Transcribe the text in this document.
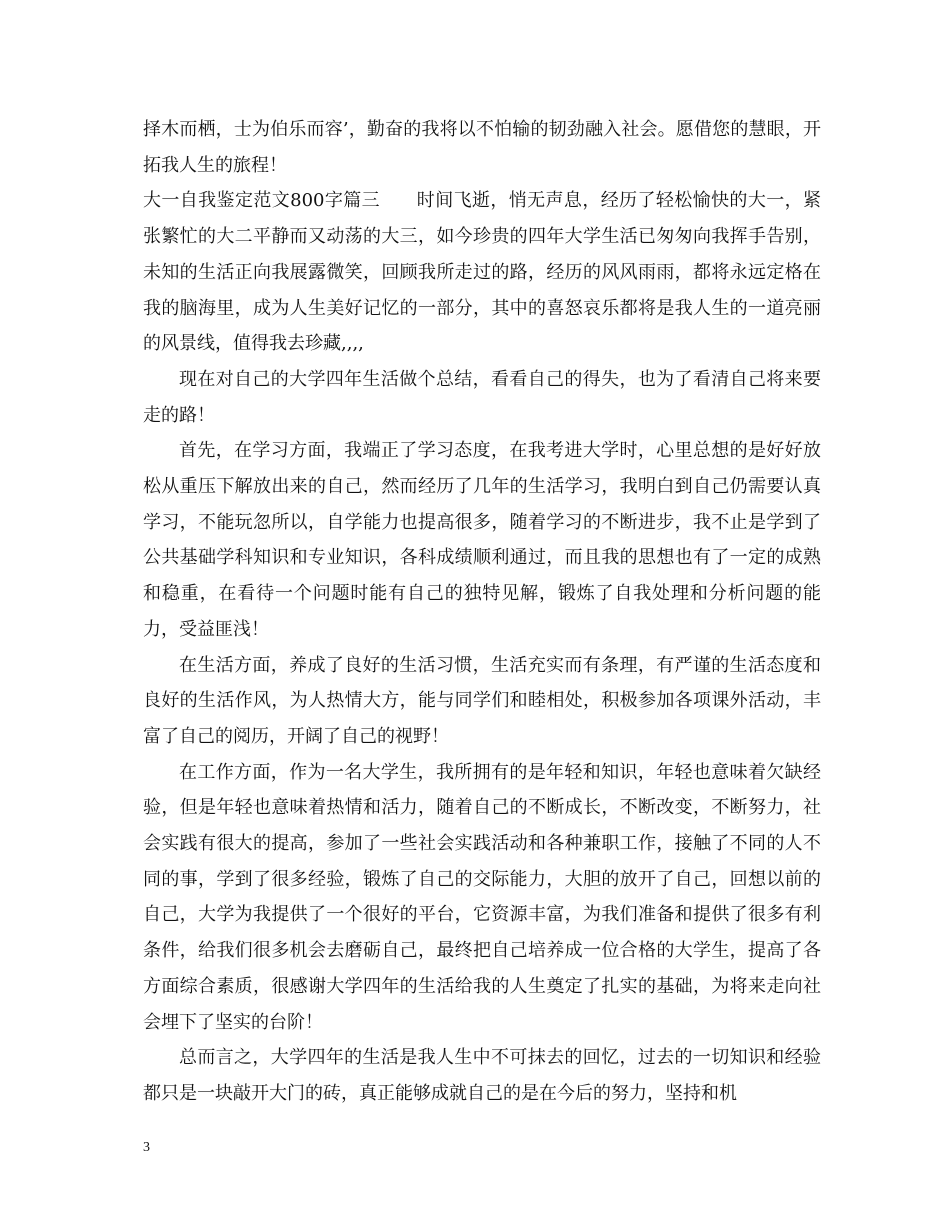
择木而栖，士为伯乐而容’，勤奋的我将以不怕输的韧劲融入社会。愿借您的慧眼，开拓我人生的旅程！

大一自我鉴定范文800字篇三　　时间飞逝，悄无声息，经历了轻松愉快的大一，紧张繁忙的大二平静而又动荡的大三，如今珍贵的四年大学生活已匆匆向我挥手告别，未知的生活正向我展露微笑，回顾我所走过的路，经历的风风雨雨，都将永远定格在我的脑海里，成为人生美好记忆的一部分，其中的喜怒哀乐都将是我人生的一道亮丽的风景线，值得我去珍藏,,,,

现在对自己的大学四年生活做个总结，看看自己的得失，也为了看清自己将来要走的路！

首先，在学习方面，我端正了学习态度，在我考进大学时，心里总想的是好好放松从重压下解放出来的自己，然而经历了几年的生活学习，我明白到自己仍需要认真学习，不能玩忽所以，自学能力也提高很多，随着学习的不断进步，我不止是学到了公共基础学科知识和专业知识，各科成绩顺利通过，而且我的思想也有了一定的成熟和稳重，在看待一个问题时能有自己的独特见解，锻炼了自我处理和分析问题的能力，受益匪浅！

在生活方面，养成了良好的生活习惯，生活充实而有条理，有严谨的生活态度和良好的生活作风，为人热情大方，能与同学们和睦相处，积极参加各项课外活动，丰富了自己的阅历，开阔了自己的视野！

在工作方面，作为一名大学生，我所拥有的是年轻和知识，年轻也意味着欠缺经验，但是年轻也意味着热情和活力，随着自己的不断成长，不断改变，不断努力，社会实践有很大的提高，参加了一些社会实践活动和各种兼职工作，接触了不同的人不同的事，学到了很多经验，锻炼了自己的交际能力，大胆的放开了自己，回想以前的自己，大学为我提供了一个很好的平台，它资源丰富，为我们准备和提供了很多有利条件，给我们很多机会去磨砺自己，最终把自己培养成一位合格的大学生，提高了各方面综合素质，很感谢大学四年的生活给我的人生奠定了扎实的基础，为将来走向社会埋下了坚实的台阶！

总而言之，大学四年的生活是我人生中不可抹去的回忆，过去的一切知识和经验都只是一块敲开大门的砖，真正能够成就自己的是在今后的努力，坚持和机

3
